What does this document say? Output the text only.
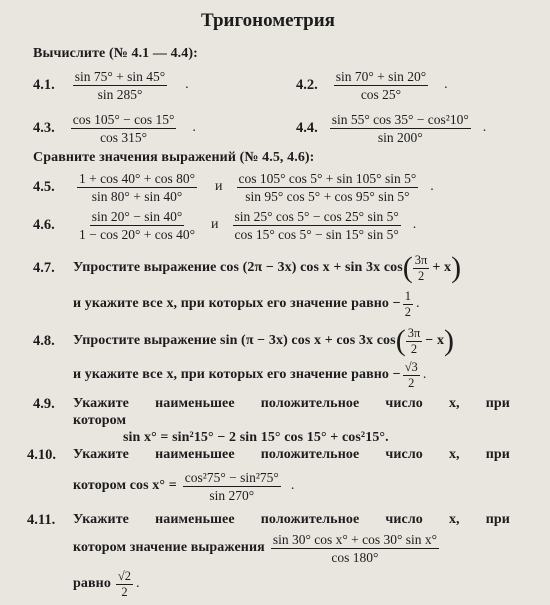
Тригонометрия
Вычислите (№ 4.1 — 4.4):
4.1. $\frac{\sin 75^\circ + \sin 45^\circ}{\sin 285^\circ}$ .	4.2. $\frac{\sin 70^\circ + \sin 20^\circ}{\cos 25^\circ}$ .
4.3. $\frac{\cos 105^\circ - \cos 15^\circ}{\cos 315^\circ}$ .	4.4. $\frac{\text{sin 55° cos 35° − cos²10°}}{\sin 200^\circ}$ .
Сравните значения выражений (№ 4.5, 4.6):
4.5.	$\frac{1 + \cos 40^\circ + \cos 80^\circ}{\sin 80^\circ + \sin 40^\circ}$ и $\frac{\cos 105^\circ \cos 5^\circ + \sin 105^\circ \sin 5^\circ}{\sin 95^\circ \cos 5^\circ + \cos 95^\circ \sin 5^\circ}$ .
4.6.	$\frac{\sin 20^\circ - \sin 40^\circ}{1 - \cos 20^\circ + \cos 40^\circ}$ и $\frac{\sin 25^\circ \cos 5^\circ - \cos 25^\circ \sin 5^\circ}{\cos 15^\circ \cos 5^\circ - \sin 15^\circ \sin 5^\circ}$ .
4.7.	Упростите выражение cos (2π − 3x) cos x + sin 3x cos ( $\frac{3\pi}{2} + x$ )
и укажите все x, при которых его значение равно − $\frac{1}{2}$ .
4.8.	Упростите выражение sin (π − 3x) cos x + cos 3x cos ( $\frac{3\pi}{2} - x$ )
и укажите все x, при которых его значение равно − $\frac{√3}{2}$ .
4.9. Укажите наименьшее положительное число x, при
котором
sin x° = sin²15° − 2 sin 15° cos 15° + cos²15°.
4.10. Укажите наименьшее положительное число x, при
котором $\cos x^\circ = \frac{\text{cos²75° − sin²75°}}{\sin 270^\circ}$ .
4.11. Укажите наименьшее положительное число x, при
котором значение выражения $\frac{\text{sin 30° cos x° + cos 30° sin x°}}{\cos 180^\circ}$
равно $\frac{√2}{2}$ .
